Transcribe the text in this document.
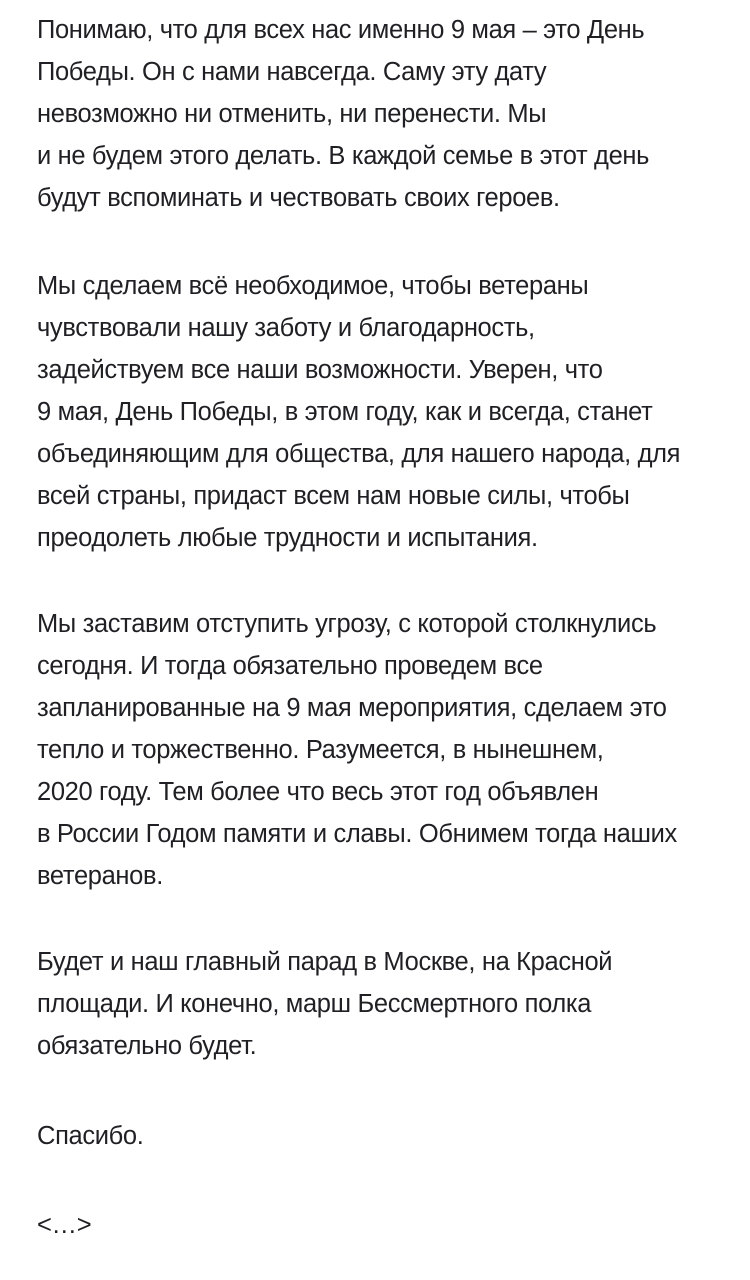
Понимаю, что для всех нас именно 9 мая – это День
Победы. Он с нами навсегда. Саму эту дату
невозможно ни отменить, ни перенести. Мы
и не будем этого делать. В каждой семье в этот день
будут вспоминать и чествовать своих героев.
Мы сделаем всё необходимое, чтобы ветераны
чувствовали нашу заботу и благодарность,
задействуем все наши возможности. Уверен, что
9 мая, День Победы, в этом году, как и всегда, станет
объединяющим для общества, для нашего народа, для
всей страны, придаст всем нам новые силы, чтобы
преодолеть любые трудности и испытания.
Мы заставим отступить угрозу, с которой столкнулись
сегодня. И тогда обязательно проведем все
запланированные на 9 мая мероприятия, сделаем это
тепло и торжественно. Разумеется, в нынешнем,
2020 году. Тем более что весь этот год объявлен
в России Годом памяти и славы. Обнимем тогда наших
ветеранов.
Будет и наш главный парад в Москве, на Красной
площади. И конечно, марш Бессмертного полка
обязательно будет.
Спасибо.
<…>
